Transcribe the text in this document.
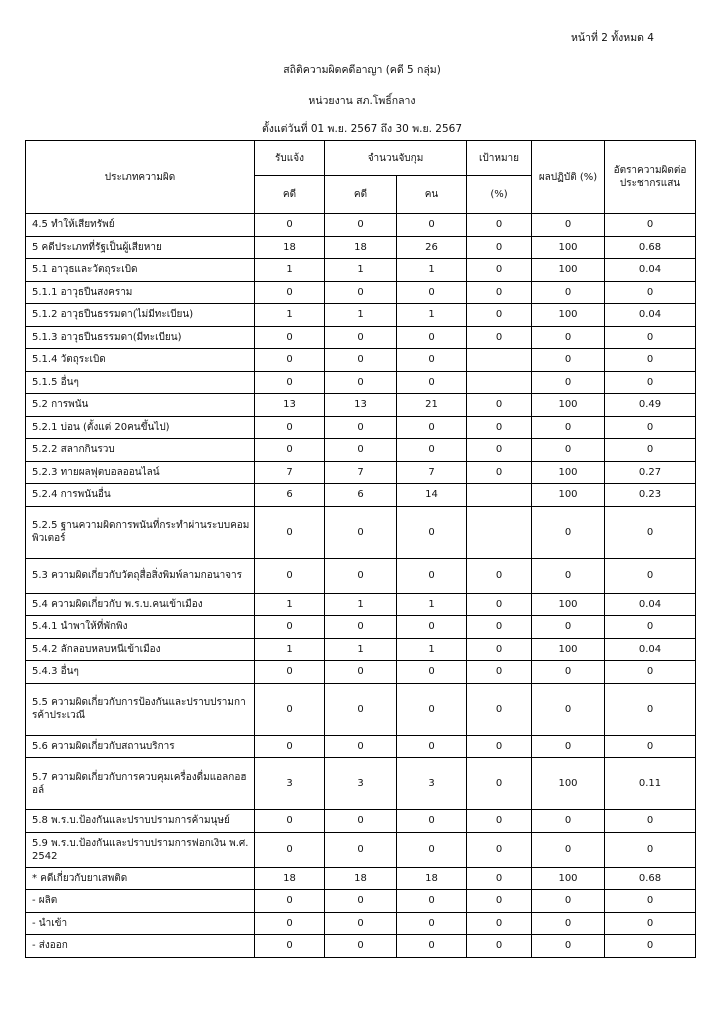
หน้าที่ 2 ทั้งหมด 4
สถิติความผิดคดีอาญา (คดี 5 กลุ่ม)
หน่วยงาน สภ.โพธิ์กลาง
ตั้งแต่วันที่ 01 พ.ย. 2567 ถึง 30 พ.ย. 2567
ประเภทความผิด	รับแจ้ง	จำนวนจับกุม		เป้าหมาย	ผลปฏิบัติ (%)	อัตราความผิดต่อประชากรแสน
	คดี	คดี	คน	(%)		
4.5 ทำให้เสียทรัพย์	0	0	0	0	0	0
5 คดีประเภทที่รัฐเป็นผู้เสียหาย	18	18	26	0	100	0.68
5.1 อาวุธและวัตถุระเบิด	1	1	1	0	100	0.04
5.1.1 อาวุธปืนสงคราม	0	0	0	0	0	0
5.1.2 อาวุธปืนธรรมดา(ไม่มีทะเบียน)	1	1	1	0	100	0.04
5.1.3 อาวุธปืนธรรมดา(มีทะเบียน)	0	0	0	0	0	0
5.1.4 วัตถุระเบิด	0	0	0		0	0
5.1.5 อื่นๆ	0	0	0		0	0
5.2 การพนัน	13	13	21	0	100	0.49
5.2.1 บ่อน (ตั้งแต่ 20คนขึ้นไป)	0	0	0	0	0	0
5.2.2 สลากกินรวบ	0	0	0	0	0	0
5.2.3 ทายผลฟุตบอลออนไลน์	7	7	7	0	100	0.27
5.2.4 การพนันอื่น	6	6	14		100	0.23
5.2.5 ฐานความผิดการพนันที่กระทำผ่านระบบคอมพิวเตอร์	0	0	0		0	0
5.3 ความผิดเกี่ยวกับวัตถุสื่อสิ่งพิมพ์ลามกอนาจาร	0	0	0	0	0	0
5.4 ความผิดเกี่ยวกับ พ.ร.บ.คนเข้าเมือง	1	1	1	0	100	0.04
5.4.1 นำพาให้ที่พักพิง	0	0	0	0	0	0
5.4.2 ลักลอบหลบหนีเข้าเมือง	1	1	1	0	100	0.04
5.4.3 อื่นๆ	0	0	0	0	0	0
5.5 ความผิดเกี่ยวกับการป้องกันและปราบปรามการค้าประเวณี	0	0	0	0	0	0
5.6 ความผิดเกี่ยวกับสถานบริการ	0	0	0	0	0	0
5.7 ความผิดเกี่ยวกับการควบคุมเครื่องดื่มแอลกอฮอล์	3	3	3	0	100	0.11
5.8 พ.ร.บ.ป้องกันและปราบปรามการค้ามนุษย์	0	0	0	0	0	0
5.9 พ.ร.บ.ป้องกันและปราบปรามการฟอกเงิน พ.ศ.2542	0	0	0	0	0	0
* คดีเกี่ยวกับยาเสพติด	18	18	18	0	100	0.68
- ผลิต	0	0	0	0	0	0
- นำเข้า	0	0	0	0	0	0
- ส่งออก	0	0	0	0	0	0
